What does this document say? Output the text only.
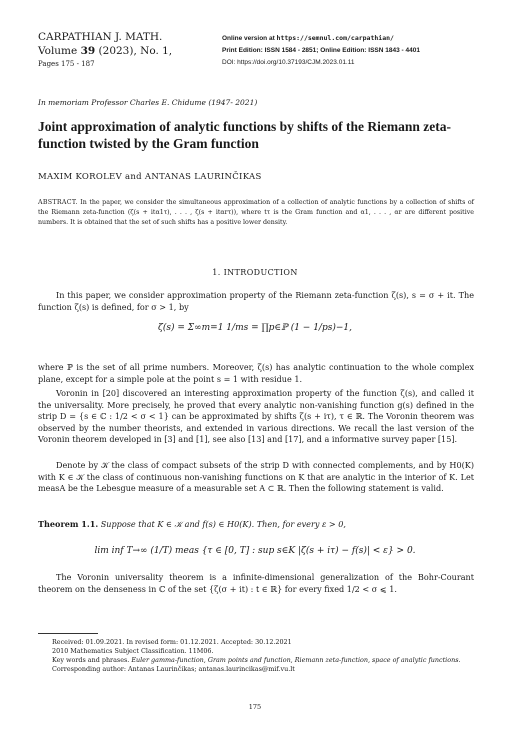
CARPATHIAN J. MATH.
Volume 39 (2023), No. 1,
Pages 175 - 187
Online version at https://semnul.com/carpathian/
Print Edition: ISSN 1584 - 2851; Online Edition: ISSN 1843 - 4401
DOI: https://doi.org/10.37193/CJM.2023.01.11
In memoriam Professor Charles E. Chidume (1947- 2021)
Joint approximation of analytic functions by shifts of the Riemann zeta-function twisted by the Gram function
MAXIM KOROLEV and ANTANAS LAURINČIKAS
ABSTRACT. In the paper, we consider the simultaneous approximation of a collection of analytic functions by a collection of shifts of the Riemann zeta-function (ζ(s + itα1τ), . . . , ζ(s + itαrτ)), where tτ is the Gram function and α1, . . . , αr are different positive numbers. It is obtained that the set of such shifts has a positive lower density.
1. INTRODUCTION

In this paper, we consider approximation property of the Riemann zeta-function ζ(s), s = σ + it. The function ζ(s) is defined, for σ > 1, by

ζ(s) = Σ∞m=1 1/ms = ∏p∈ℙ (1 − 1/ps)−1,

where ℙ is the set of all prime numbers. Moreover, ζ(s) has analytic continuation to the whole complex plane, except for a simple pole at the point s = 1 with residue 1.

Voronin in [20] discovered an interesting approximation property of the function ζ(s), and called it the universality. More precisely, he proved that every analytic non-vanishing function g(s) defined in the strip D = {s ∈ ℂ : 1/2 < σ < 1} can be approximated by shifts ζ(s + iτ), τ ∈ ℝ. The Voronin theorem was observed by the number theorists, and extended in various directions. We recall the last version of the Voronin theorem developed in [3] and [1], see also [13] and [17], and a informative survey paper [15].

Denote by 𝒦 the class of compact subsets of the strip D with connected complements, and by H0(K) with K ∈ 𝒦 the class of continuous non-vanishing functions on K that are analytic in the interior of K. Let measA be the Lebesgue measure of a measurable set A ⊂ ℝ. Then the following statement is valid.

Theorem 1.1. Suppose that K ∈ 𝒦 and f(s) ∈ H0(K). Then, for every ε > 0,

lim inf T→∞ (1/T) meas {τ ∈ [0, T] : sup s∈K |ζ(s + iτ) − f(s)| < ε} > 0.

The Voronin universality theorem is a infinite-dimensional generalization of the Bohr-Courant theorem on the denseness in ℂ of the set {ζ(σ + it) : t ∈ ℝ} for every fixed 1/2 < σ ⩽ 1.

Received: 01.09.2021. In revised form: 01.12.2021. Accepted: 30.12.2021
2010 Mathematics Subject Classification. 11M06.
Key words and phrases. Euler gamma-function, Gram points and function, Riemann zeta-function, space of analytic functions.
Corresponding author: Antanas Laurinčikas; antanas.laurincikas@mif.vu.lt
175
